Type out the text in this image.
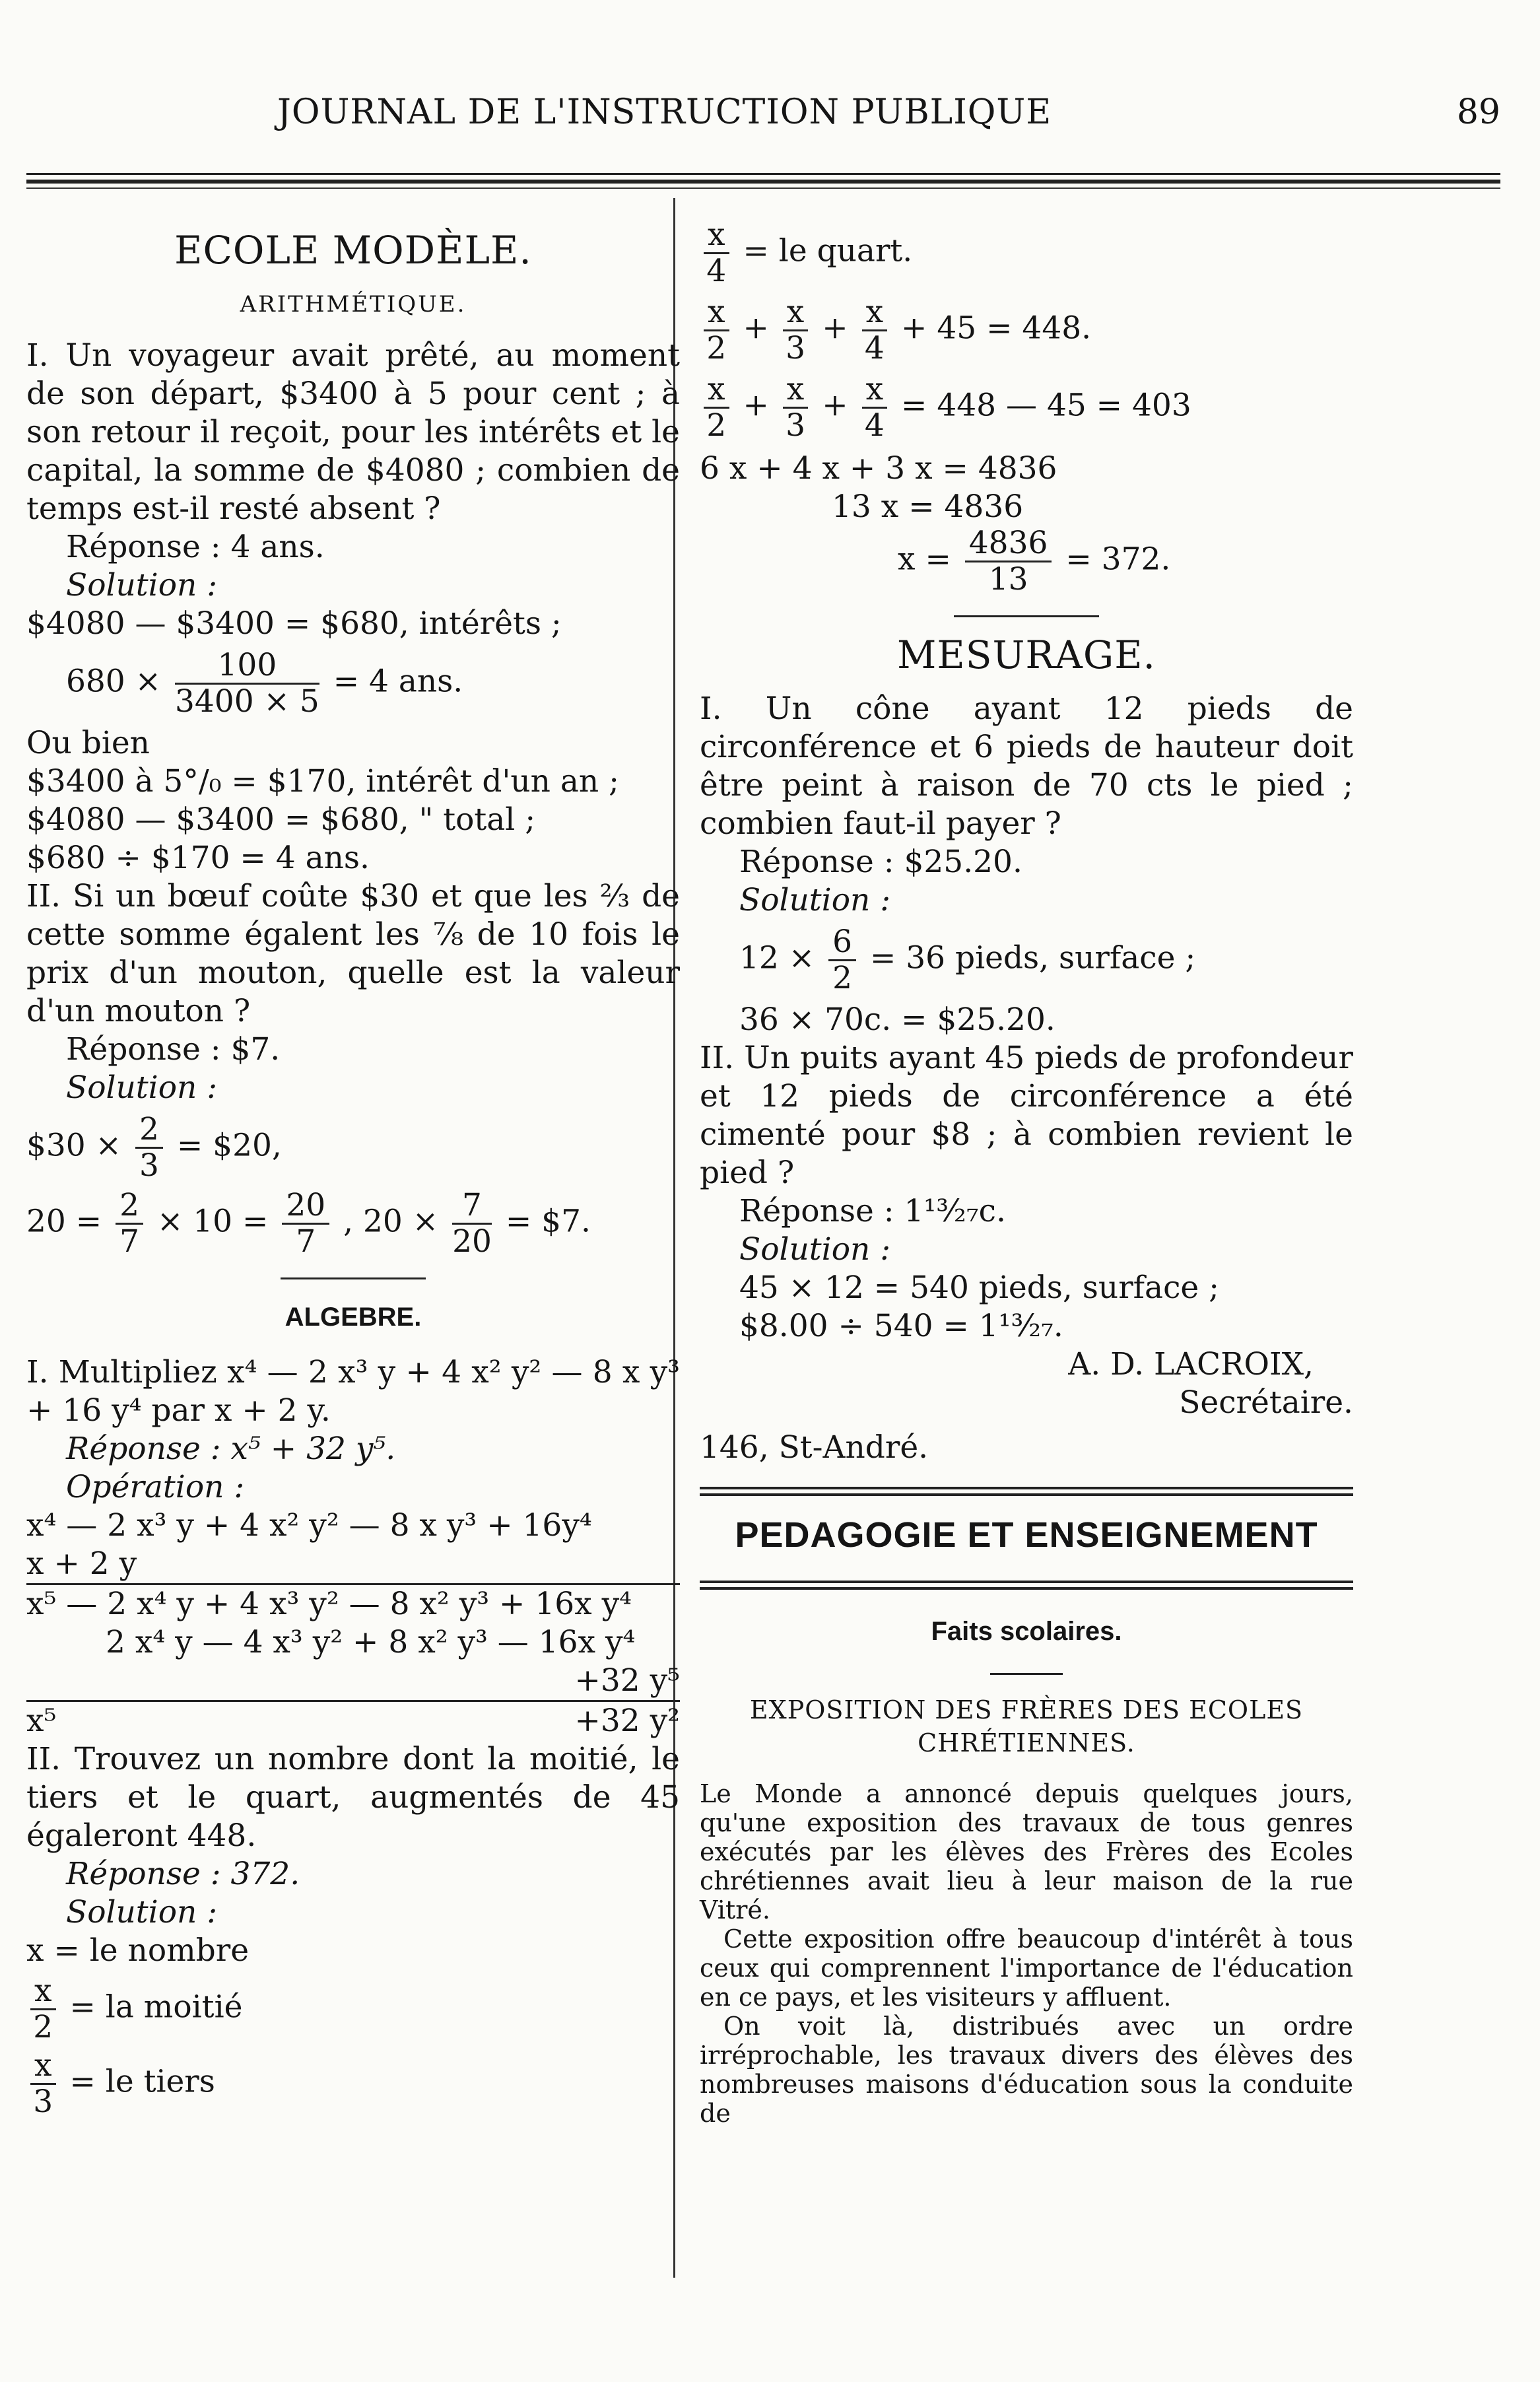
JOURNAL DE L'INSTRUCTION PUBLIQUE	89
ECOLE MODÈLE.
ARITHMÉTIQUE.
I. Un voyageur avait prêté, au moment de son départ, $3400 à 5 pour cent ; à son retour il reçoit, pour les intérêts et le capital, la somme de $4080 ; combien de temps est-il resté absent ?
Réponse : 4 ans.
Solution :
$4080 — $3400 = $680, intérêts ;
$680 \times \frac{100}{3400 \times 5} = 4$ ans.
Ou bien
$3400 à 5°/₀ = $170, intérêt d'un an ;
$4080 — $3400 = $680, " total ;
$680 ÷ $170 = 4 ans.
II. Si un bœuf coûte $30 et que les ⅔ de cette somme égalent les ⅞ de 10 fois le prix d'un mouton, quelle est la valeur d'un mouton ?
Réponse : $7.
Solution :
$30 × $\frac{2}{3}$ = $20,
$20 = \frac{2}{7} \times 10 = \frac{20}{7}$ , $20 \times \frac{7}{20}$ = $7.
ALGEBRE.
I. Multipliez x⁴ — 2 x³ y + 4 x² y² — 8 x y³ + 16 y⁴ par x + 2 y.
Réponse : x⁵ + 32 y⁵.
Opération :
x⁴ — 2 x³ y + 4 x² y² — 8 x y³ + 16y⁴
x + 2 y
x⁵ — 2 x⁴ y + 4 x³ y² — 8 x² y³ + 16x y⁴
2 x⁴ y — 4 x³ y² + 8 x² y³ — 16x y⁴
+32 y⁵
x⁵	+32 y²
II. Trouvez un nombre dont la moitié, le tiers et le quart, augmentés de 45 égaleront 448.
Réponse : 372.
Solution :
x = le nombre
$\frac{x}{2}$ = la moitié
$\frac{x}{3}$ = le tiers
$\frac{x}{4}$ = le quart.
$\frac{x}{2} + \frac{x}{3} + \frac{x}{4} + 45 = 448$.
$\frac{x}{2} + \frac{x}{3} + \frac{x}{4} = 448$ — 45 = 403
6 x + 4 x + 3 x = 4836
13 x = 4836
$x = \frac{4836}{13} = 372$.
MESURAGE.
I. Un cône ayant 12 pieds de circonférence et 6 pieds de hauteur doit être peint à raison de 70 cts le pied ; combien faut-il payer ?
Réponse : $25.20.
Solution :
$12 \times \frac{6}{2} = 36$ pieds, surface ;
36 × 70c. = $25.20.
II. Un puits ayant 45 pieds de profondeur et 12 pieds de circonférence a été cimenté pour $8 ; à combien revient le pied ?
Réponse : 1¹³⁄₂₇c.
Solution :
45 × 12 = 540 pieds, surface ;
$8.00 ÷ 540 = 1¹³⁄₂₇.
A. D. LACROIX,
Secrétaire.
146, St-André.
PEDAGOGIE ET ENSEIGNEMENT
Faits scolaires.
EXPOSITION DES FRÈRES DES ECOLES
CHRÉTIENNES.
Le Monde a annoncé depuis quelques jours, qu'une exposition des travaux de tous genres exécutés par les élèves des Frères des Ecoles chrétiennes avait lieu à leur maison de la rue Vitré.
Cette exposition offre beaucoup d'intérêt à tous ceux qui comprennent l'importance de l'éducation en ce pays, et les visiteurs y affluent.
On voit là, distribués avec un ordre irréprochable, les travaux divers des élèves des nombreuses maisons d'éducation sous la conduite de
